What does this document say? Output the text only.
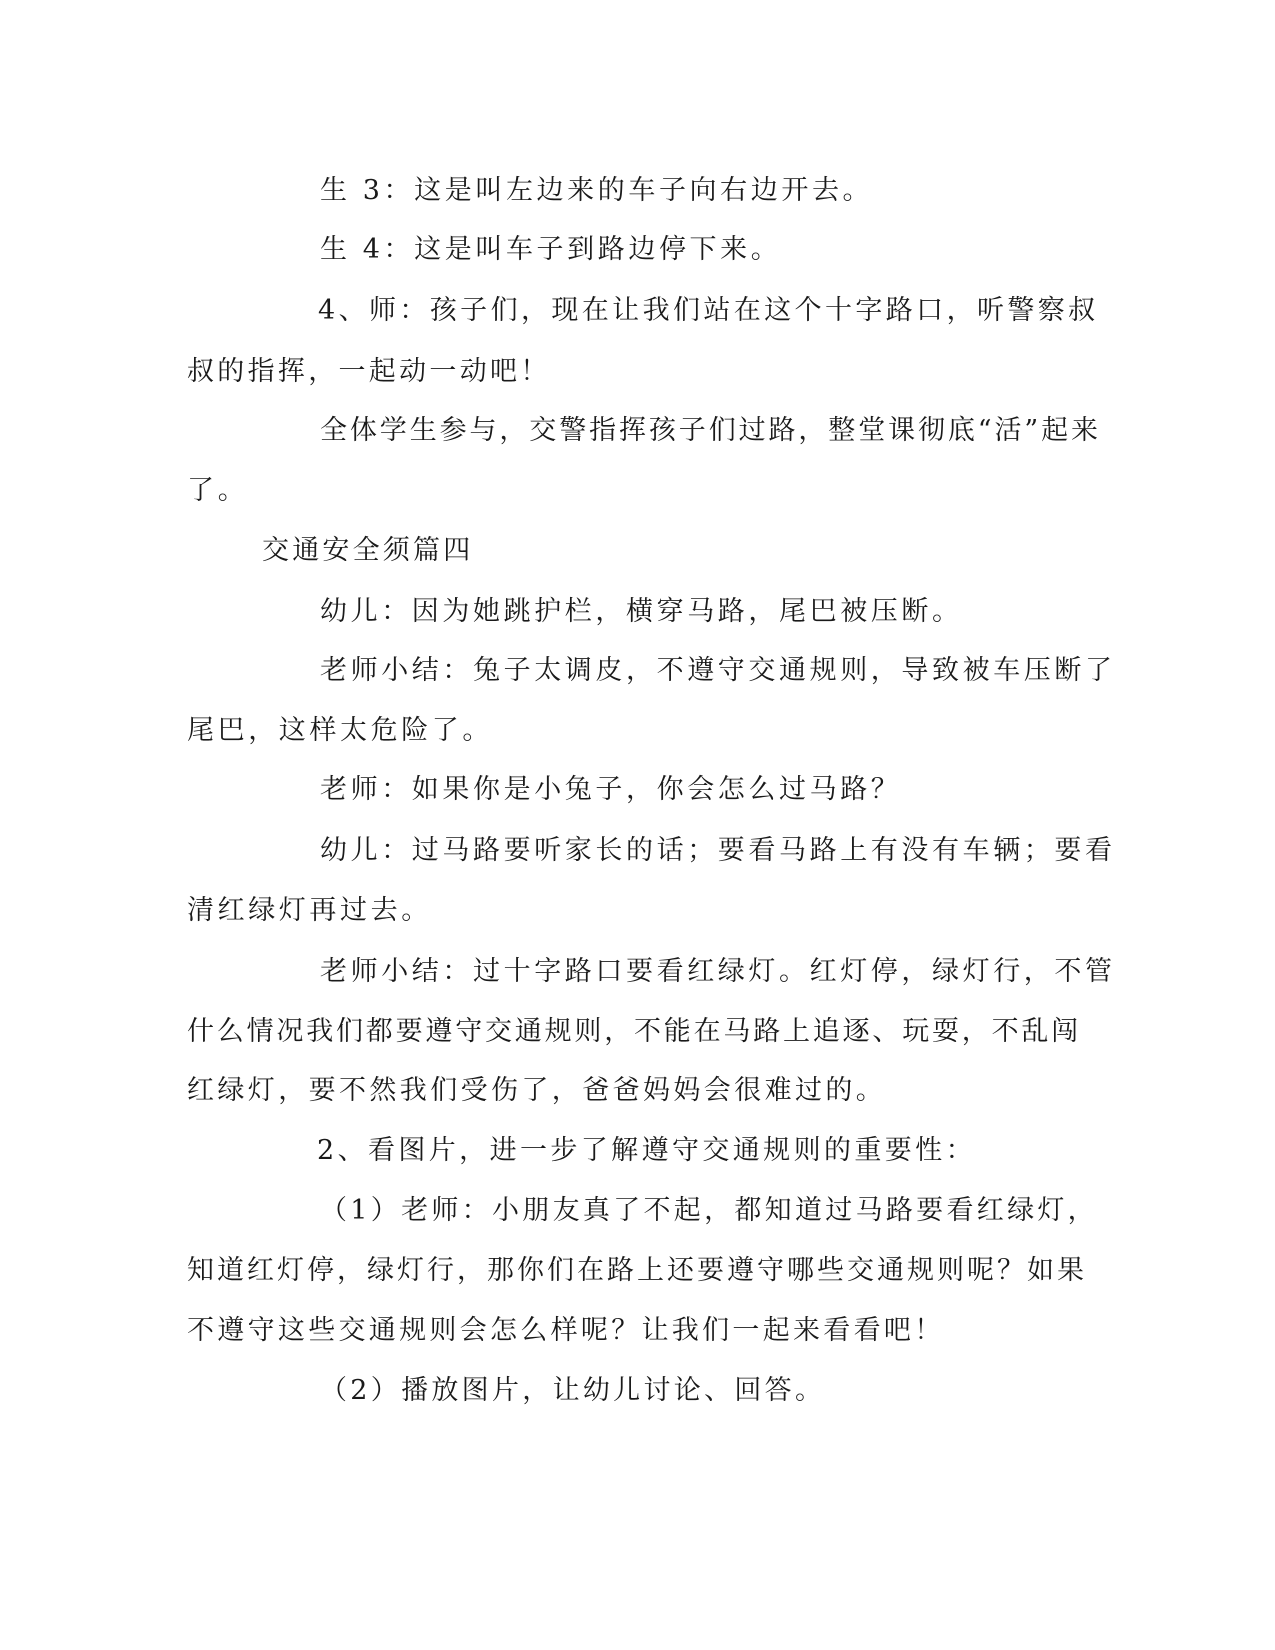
生 3：这是叫左边来的车子向右边开去。

生 4：这是叫车子到路边停下来。

4、师：孩子们，现在让我们站在这个十字路口，听警察叔

叔的指挥，一起动一动吧！

全体学生参与，交警指挥孩子们过路，整堂课彻底“活”起来

了。

交通安全须篇四

幼儿：因为她跳护栏，横穿马路，尾巴被压断。

老师小结：兔子太调皮，不遵守交通规则，导致被车压断了

尾巴，这样太危险了。

老师：如果你是小兔子，你会怎么过马路？

幼儿：过马路要听家长的话；要看马路上有没有车辆；要看

清红绿灯再过去。

老师小结：过十字路口要看红绿灯。红灯停，绿灯行，不管

什么情况我们都要遵守交通规则，不能在马路上追逐、玩耍，不乱闯

红绿灯，要不然我们受伤了，爸爸妈妈会很难过的。

2、看图片，进一步了解遵守交通规则的重要性：

（1）老师：小朋友真了不起，都知道过马路要看红绿灯，

知道红灯停，绿灯行，那你们在路上还要遵守哪些交通规则呢？如果

不遵守这些交通规则会怎么样呢？让我们一起来看看吧！

（2）播放图片，让幼儿讨论、回答。
